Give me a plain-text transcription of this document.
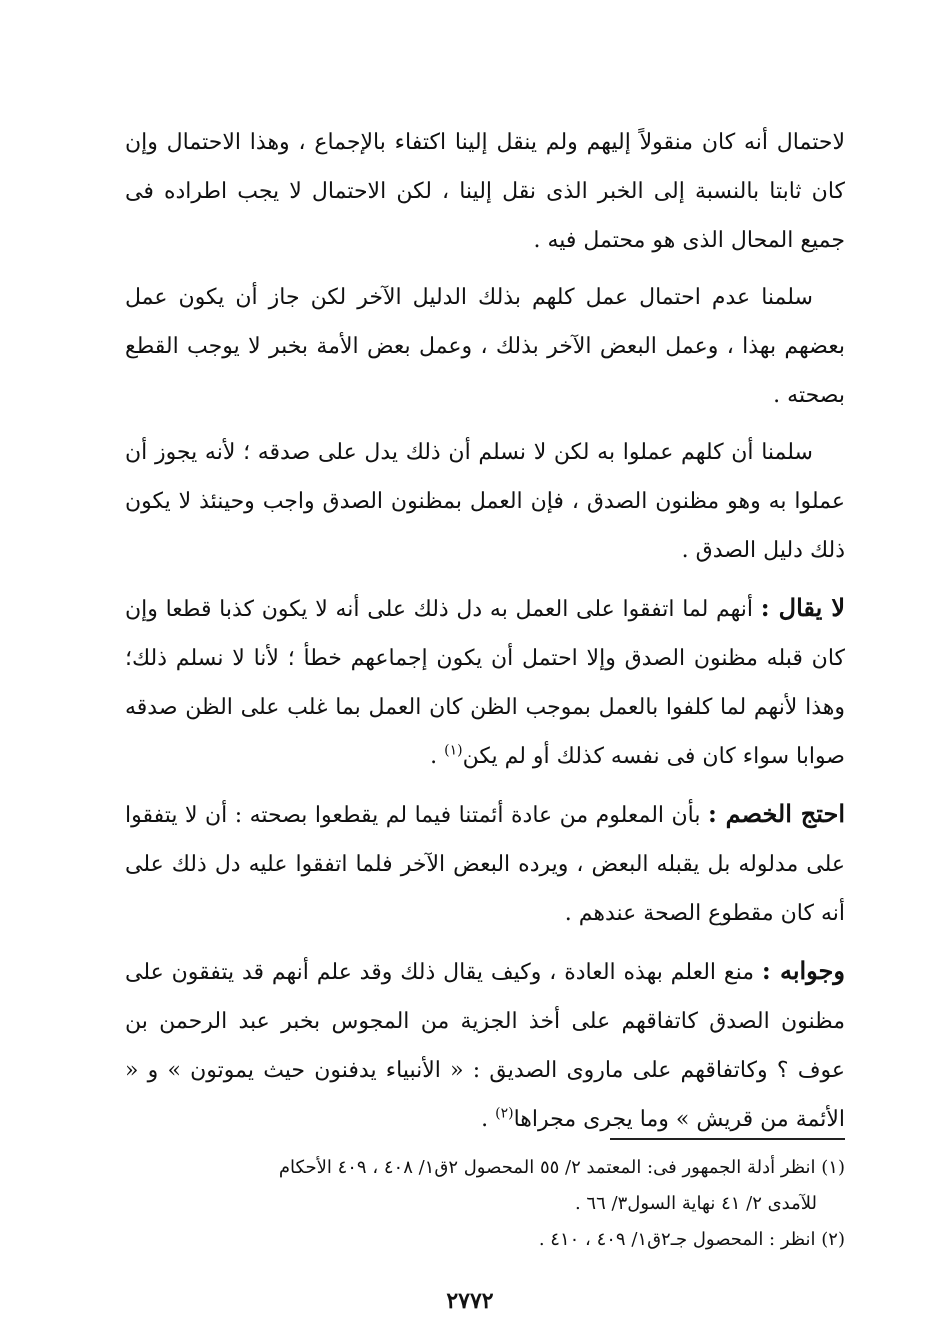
لاحتمال أنه كان منقولاً إليهم ولم ينقل إلينا اكتفاء بالإجماع ، وهذا الاحتمال وإن كان ثابتا بالنسبة إلى الخبر الذى نقل إلينا ، لكن الاحتمال لا يجب اطراده فى جميع المحال الذى هو محتمل فيه .

سلمنا عدم احتمال عمل كلهم بذلك الدليل الآخر لكن جاز أن يكون عمل بعضهم بهذا ، وعمل البعض الآخر بذلك ، وعمل بعض الأمة بخبر لا يوجب القطع بصحته .

سلمنا أن كلهم عملوا به لكن لا نسلم أن ذلك يدل على صدقه ؛ لأنه يجوز أن عملوا به وهو مظنون الصدق ، فإن العمل بمظنون الصدق واجب وحينئذ لا يكون ذلك دليل الصدق .

لا يقال : أنهم لما اتفقوا على العمل به دل ذلك على أنه لا يكون كذبا قطعا وإن كان قبله مظنون الصدق وإلا احتمل أن يكون إجماعهم خطأ ؛ لأنا لا نسلم ذلك؛ وهذا لأنهم لما كلفوا بالعمل بموجب الظن كان العمل بما غلب على الظن صدقه صوابا سواء كان فى نفسه كذلك أو لم يكن$^{(١)}$ .

احتج الخصم : بأن المعلوم من عادة أئمتنا فيما لم يقطعوا بصحته : أن لا يتفقوا على مدلوله بل يقبله البعض ، ويرده البعض الآخر فلما اتفقوا عليه دل ذلك على أنه كان مقطوع الصحة عندهم .

وجوابه : منع العلم بهذه العادة ، وكيف يقال ذلك وقد علم أنهم قد يتفقون على مظنون الصدق كاتفاقهم على أخذ الجزية من المجوس بخبر عبد الرحمن بن عوف ؟ وكاتفاقهم على ماروى الصديق : « الأنبياء يدفنون حيث يموتون » و « الأئمة من قريش » وما يجرى مجراها$^{(٢)}$ .

(١) انظر أدلة الجمهور فى: المعتمد ٢/ ٥٥ المحصول ٢ق١/ ٤٠٨ ، ٤٠٩ الأحكام

للآمدى ٢/ ٤١ نهاية السول٣/ ٦٦ .

(٢) انظر : المحصول جـ٢ق١/ ٤٠٩ ، ٤١٠ .

٢٧٧٢
